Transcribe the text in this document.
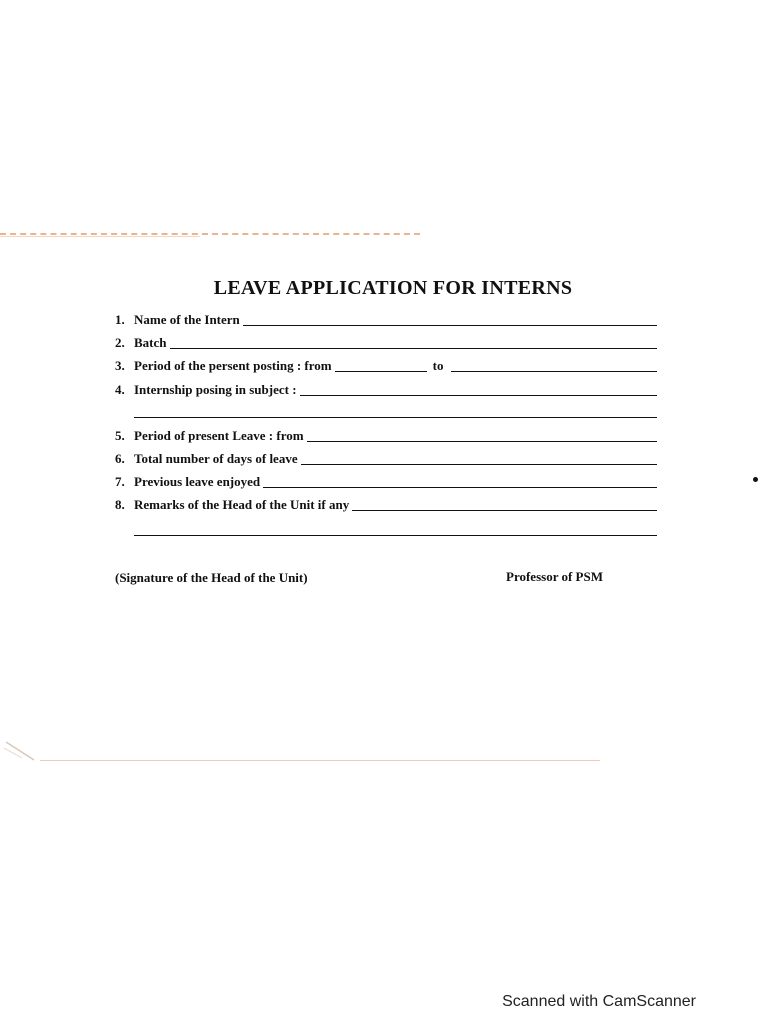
LEAVE APPLICATION FOR INTERNS
1. Name of the Intern
2. Batch
3. Period of the persent posting : from	to
4. Internship posing in subject :
5. Period of present Leave : from
6. Total number of days of leave
7. Previous leave enjoyed
8. Remarks of the Head of the Unit if any
(Signature of the Head of the Unit)	Professor of PSM
Scanned with CamScanner
